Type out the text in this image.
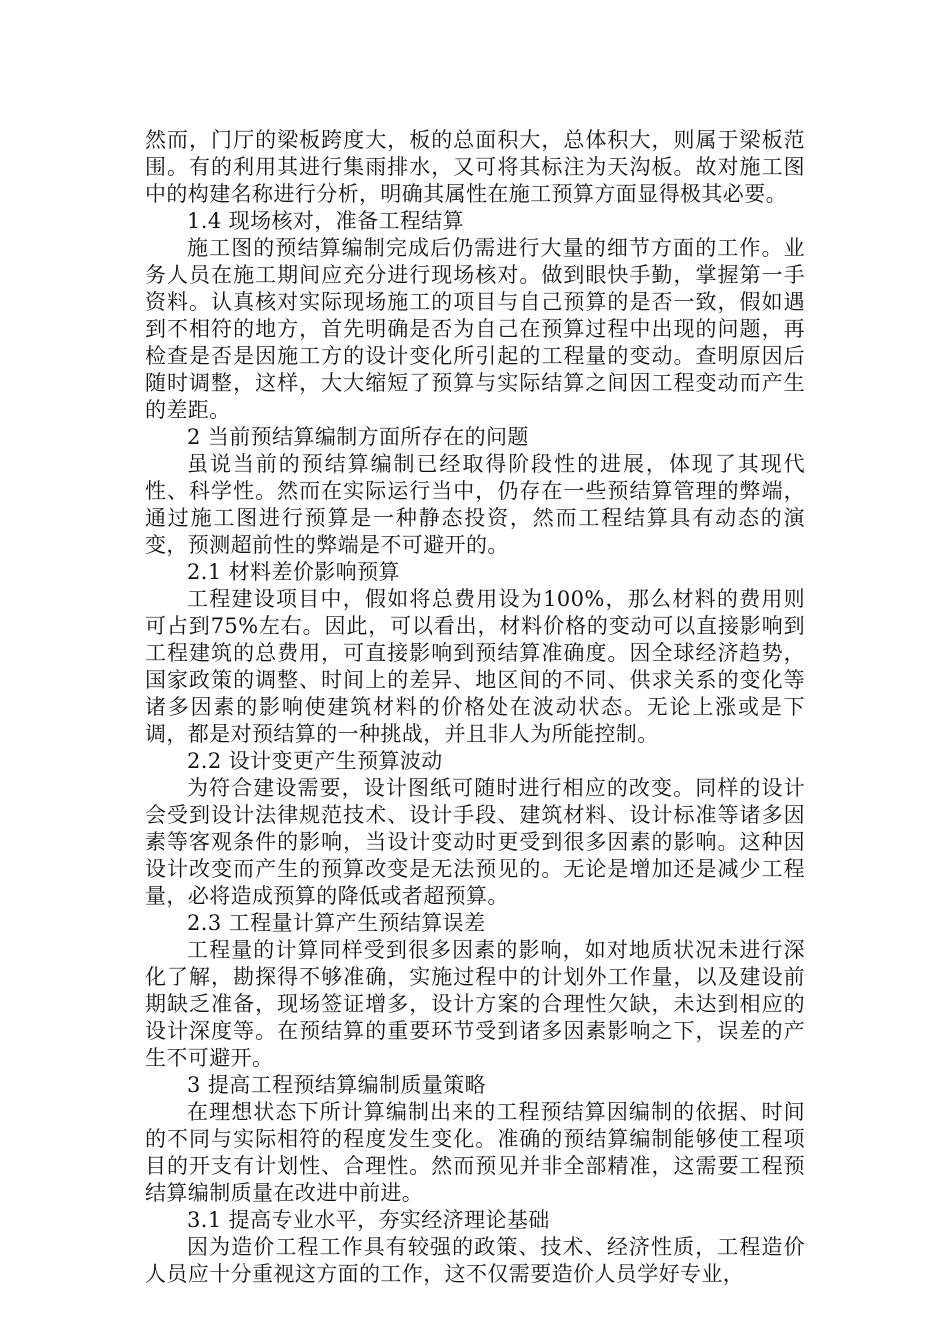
然而，门厅的梁板跨度大，板的总面积大，总体积大，则属于梁板范围。有的利用其进行集雨排水，又可将其标注为天沟板。故对施工图中的构建名称进行分析，明确其属性在施工预算方面显得极其必要。

1.4 现场核对，准备工程结算

施工图的预结算编制完成后仍需进行大量的细节方面的工作。业务人员在施工期间应充分进行现场核对。做到眼快手勤，掌握第一手资料。认真核对实际现场施工的项目与自己预算的是否一致，假如遇到不相符的地方，首先明确是否为自己在预算过程中出现的问题，再检查是否是因施工方的设计变化所引起的工程量的变动。查明原因后随时调整，这样，大大缩短了预算与实际结算之间因工程变动而产生的差距。

2 当前预结算编制方面所存在的问题

虽说当前的预结算编制已经取得阶段性的进展，体现了其现代性、科学性。然而在实际运行当中，仍存在一些预结算管理的弊端，通过施工图进行预算是一种静态投资，然而工程结算具有动态的演变，预测超前性的弊端是不可避开的。

2.1 材料差价影响预算

工程建设项目中，假如将总费用设为100%，那么材料的费用则可占到75%左右。因此，可以看出，材料价格的变动可以直接影响到工程建筑的总费用，可直接影响到预结算准确度。因全球经济趋势，国家政策的调整、时间上的差异、地区间的不同、供求关系的变化等诸多因素的影响使建筑材料的价格处在波动状态。无论上涨或是下调，都是对预结算的一种挑战，并且非人为所能控制。

2.2 设计变更产生预算波动

为符合建设需要，设计图纸可随时进行相应的改变。同样的设计会受到设计法律规范技术、设计手段、建筑材料、设计标准等诸多因素等客观条件的影响，当设计变动时更受到很多因素的影响。这种因设计改变而产生的预算改变是无法预见的。无论是增加还是减少工程量，必将造成预算的降低或者超预算。

2.3 工程量计算产生预结算误差

工程量的计算同样受到很多因素的影响，如对地质状况未进行深化了解，勘探得不够准确，实施过程中的计划外工作量，以及建设前期缺乏准备，现场签证增多，设计方案的合理性欠缺，未达到相应的设计深度等。在预结算的重要环节受到诸多因素影响之下，误差的产生不可避开。

3 提高工程预结算编制质量策略

在理想状态下所计算编制出来的工程预结算因编制的依据、时间的不同与实际相符的程度发生变化。准确的预结算编制能够使工程项目的开支有计划性、合理性。然而预见并非全部精准，这需要工程预结算编制质量在改进中前进。

3.1 提高专业水平，夯实经济理论基础

因为造价工程工作具有较强的政策、技术、经济性质，工程造价人员应十分重视这方面的工作，这不仅需要造价人员学好专业，
